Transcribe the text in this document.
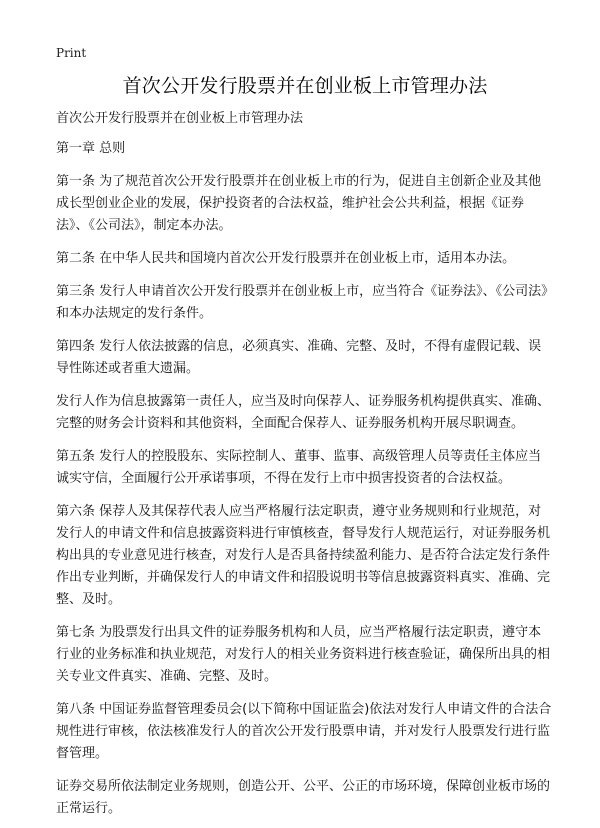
Print
首次公开发行股票并在创业板上市管理办法

首次公开发行股票并在创业板上市管理办法

第一章 总则

第一条 为了规范首次公开发行股票并在创业板上市的行为，促进自主创新企业及其他成长型创业企业的发展，保护投资者的合法权益，维护社会公共利益，根据《证券法》、《公司法》，制定本办法。

第二条 在中华人民共和国境内首次公开发行股票并在创业板上市，适用本办法。

第三条 发行人申请首次公开发行股票并在创业板上市，应当符合《证券法》、《公司法》和本办法规定的发行条件。

第四条 发行人依法披露的信息，必须真实、准确、完整、及时，不得有虚假记载、误导性陈述或者重大遗漏。

发行人作为信息披露第一责任人，应当及时向保荐人、证券服务机构提供真实、准确、完整的财务会计资料和其他资料，全面配合保荐人、证券服务机构开展尽职调查。

第五条 发行人的控股股东、实际控制人、董事、监事、高级管理人员等责任主体应当诚实守信，全面履行公开承诺事项，不得在发行上市中损害投资者的合法权益。

第六条 保荐人及其保荐代表人应当严格履行法定职责，遵守业务规则和行业规范，对发行人的申请文件和信息披露资料进行审慎核查，督导发行人规范运行，对证券服务机构出具的专业意见进行核查，对发行人是否具备持续盈利能力、是否符合法定发行条件作出专业判断，并确保发行人的申请文件和招股说明书等信息披露资料真实、准确、完整、及时。

第七条 为股票发行出具文件的证券服务机构和人员，应当严格履行法定职责，遵守本行业的业务标准和执业规范，对发行人的相关业务资料进行核查验证，确保所出具的相关专业文件真实、准确、完整、及时。

第八条 中国证券监督管理委员会(以下简称中国证监会)依法对发行人申请文件的合法合规性进行审核，依法核准发行人的首次公开发行股票申请，并对发行人股票发行进行监督管理。

证券交易所依法制定业务规则，创造公开、公平、公正的市场环境，保障创业板市场的正常运行。
